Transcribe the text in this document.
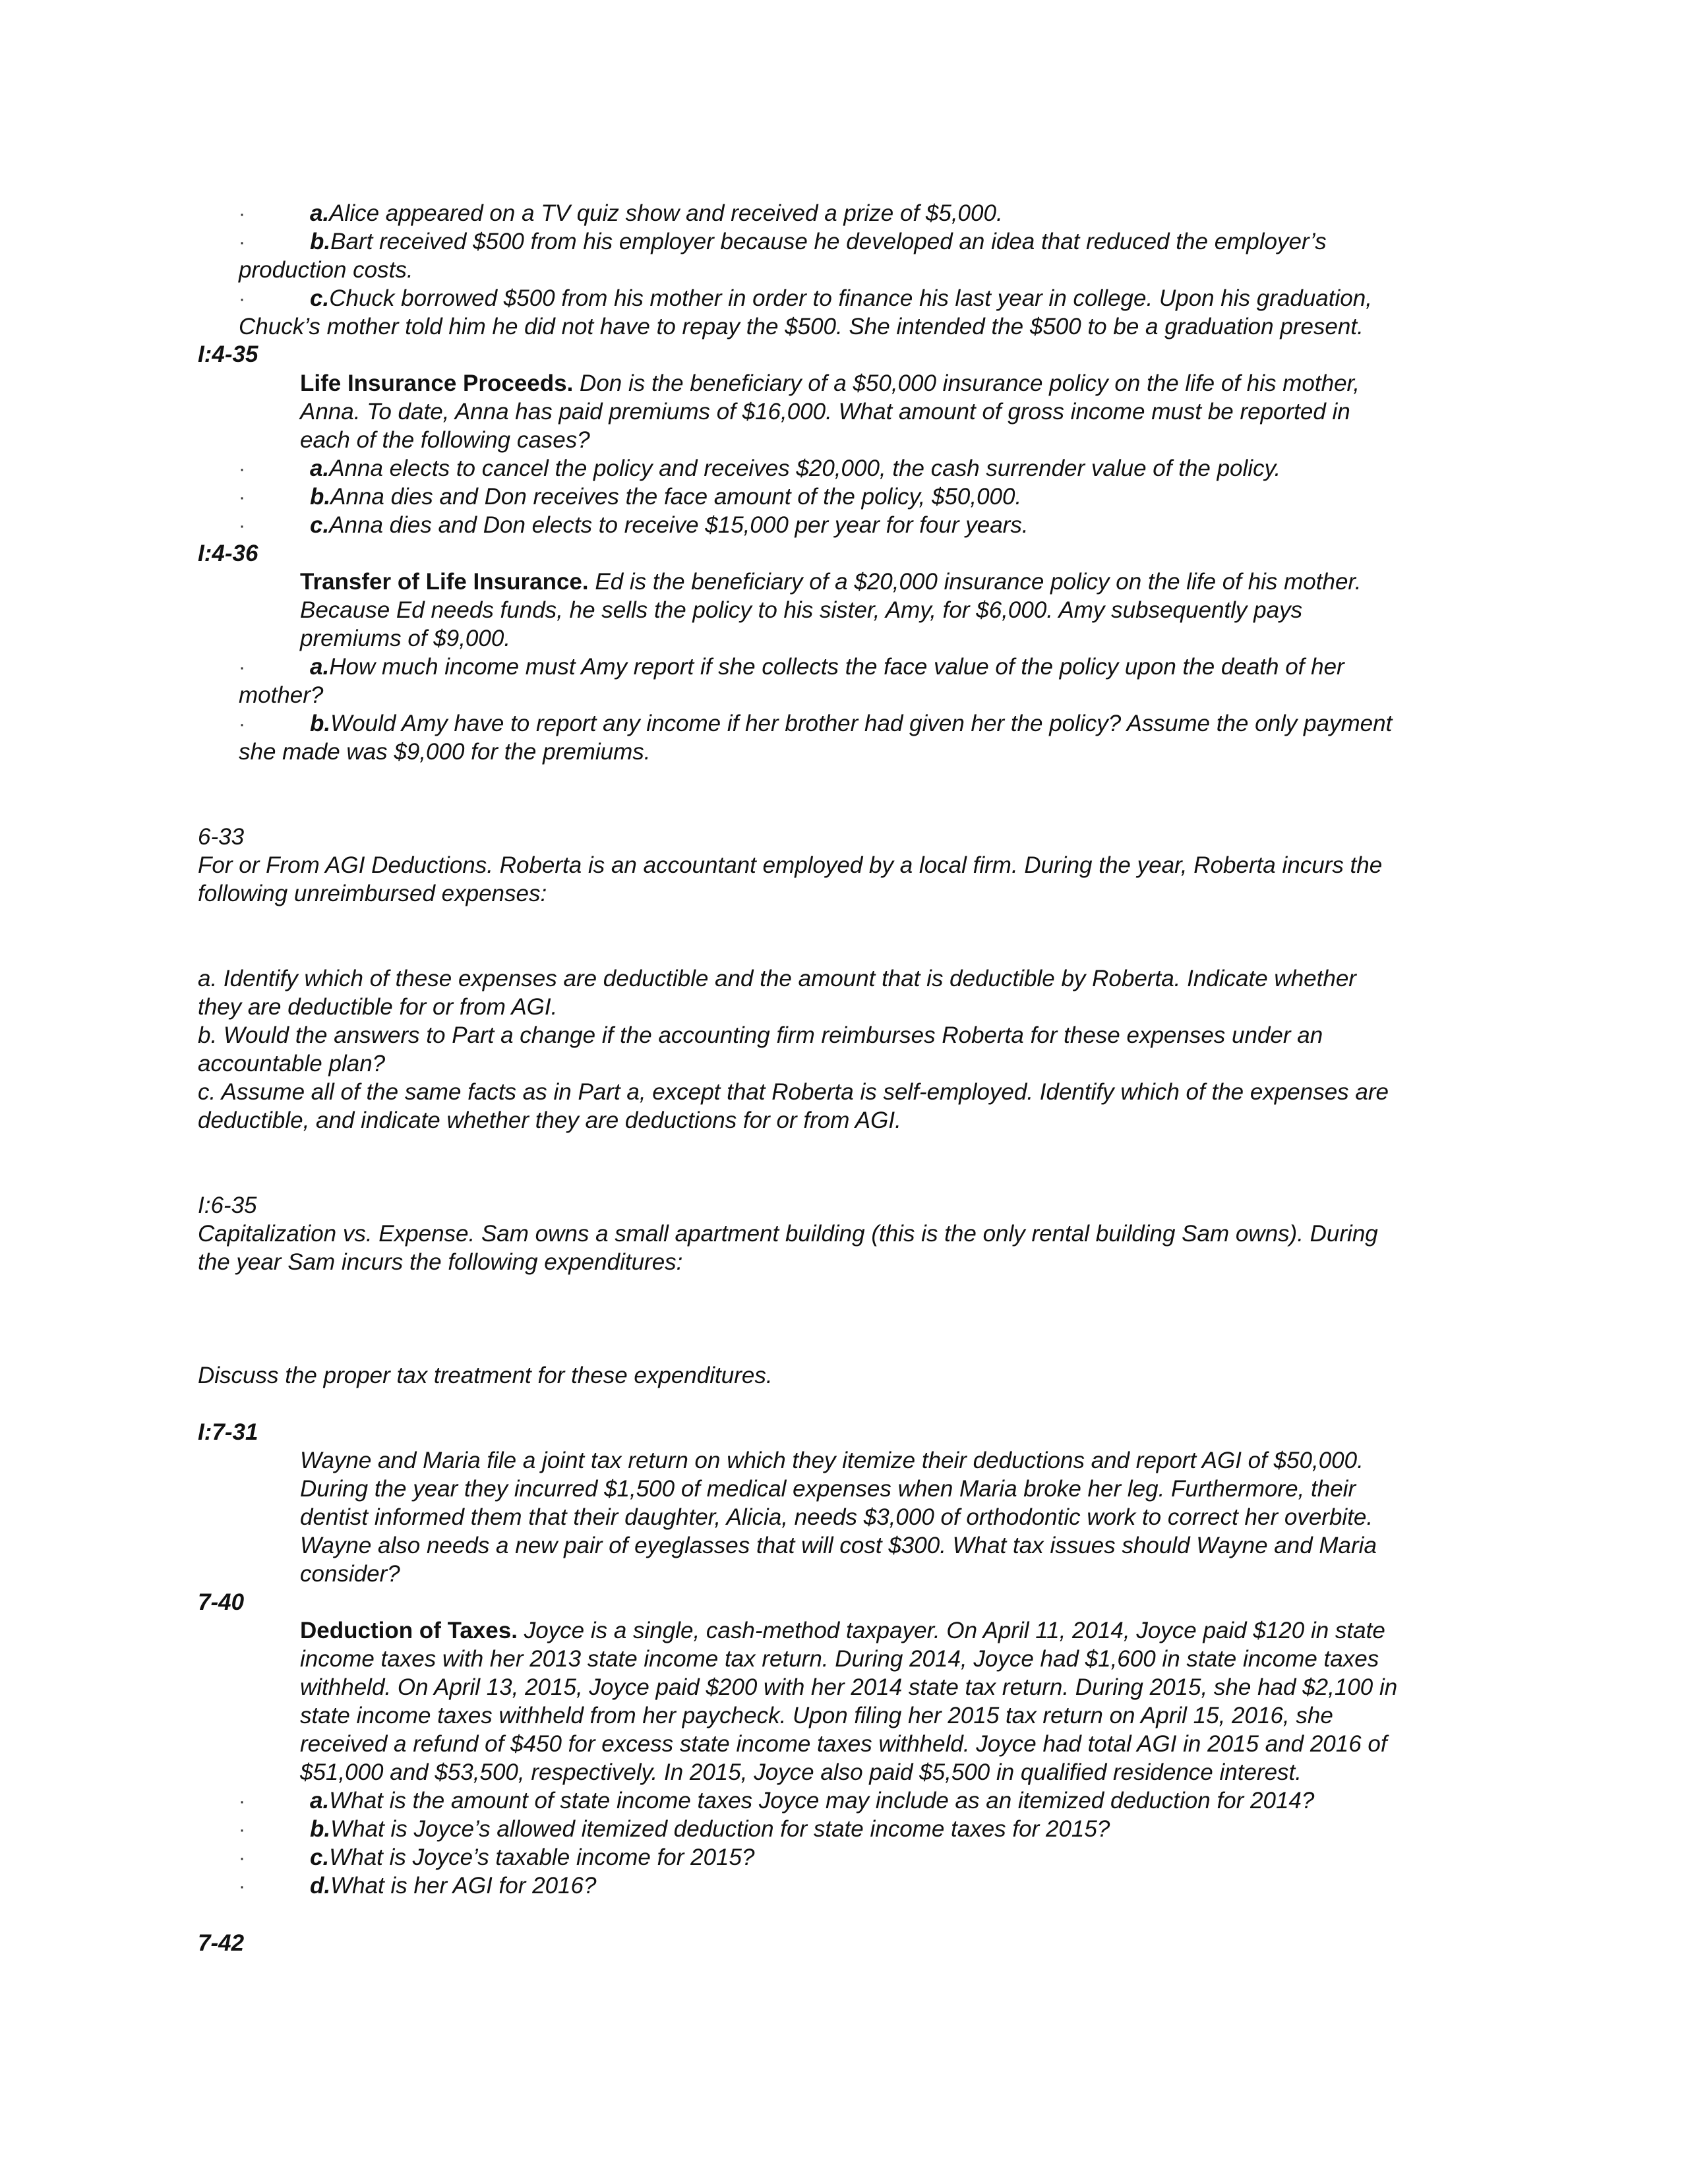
·	a.Alice appeared on a TV quiz show and received a prize of $5,000.
·	b.Bart received $500 from his employer because he developed an idea that reduced the employer’s
production costs.
·	c.Chuck borrowed $500 from his mother in order to finance his last year in college. Upon his graduation,
Chuck’s mother told him he did not have to repay the $500. She intended the $500 to be a graduation present.
I:4-35
Life Insurance Proceeds. Don is the beneficiary of a $50,000 insurance policy on the life of his mother,
Anna. To date, Anna has paid premiums of $16,000. What amount of gross income must be reported in
each of the following cases?
·	a.Anna elects to cancel the policy and receives $20,000, the cash surrender value of the policy.
·	b.Anna dies and Don receives the face amount of the policy, $50,000.
·	c.Anna dies and Don elects to receive $15,000 per year for four years.
I:4-36
Transfer of Life Insurance. Ed is the beneficiary of a $20,000 insurance policy on the life of his mother.
Because Ed needs funds, he sells the policy to his sister, Amy, for $6,000. Amy subsequently pays
premiums of $9,000.
·	a.How much income must Amy report if she collects the face value of the policy upon the death of her
mother?
·	b.Would Amy have to report any income if her brother had given her the policy? Assume the only payment
she made was $9,000 for the premiums.
6-33
For or From AGI Deductions. Roberta is an accountant employed by a local firm. During the year, Roberta incurs the
following unreimbursed expenses:
a. Identify which of these expenses are deductible and the amount that is deductible by Roberta. Indicate whether
they are deductible for or from AGI.
b. Would the answers to Part a change if the accounting firm reimburses Roberta for these expenses under an
accountable plan?
c. Assume all of the same facts as in Part a, except that Roberta is self-employed. Identify which of the expenses are
deductible, and indicate whether they are deductions for or from AGI.
I:6-35
Capitalization vs. Expense. Sam owns a small apartment building (this is the only rental building Sam owns). During
the year Sam incurs the following expenditures:
Discuss the proper tax treatment for these expenditures.
I:7-31
Wayne and Maria file a joint tax return on which they itemize their deductions and report AGI of $50,000.
During the year they incurred $1,500 of medical expenses when Maria broke her leg. Furthermore, their
dentist informed them that their daughter, Alicia, needs $3,000 of orthodontic work to correct her overbite.
Wayne also needs a new pair of eyeglasses that will cost $300. What tax issues should Wayne and Maria
consider?
7-40
Deduction of Taxes. Joyce is a single, cash-method taxpayer. On April 11, 2014, Joyce paid $120 in state
income taxes with her 2013 state income tax return. During 2014, Joyce had $1,600 in state income taxes
withheld. On April 13, 2015, Joyce paid $200 with her 2014 state tax return. During 2015, she had $2,100 in
state income taxes withheld from her paycheck. Upon filing her 2015 tax return on April 15, 2016, she
received a refund of $450 for excess state income taxes withheld. Joyce had total AGI in 2015 and 2016 of
$51,000 and $53,500, respectively. In 2015, Joyce also paid $5,500 in qualified residence interest.
·	a.What is the amount of state income taxes Joyce may include as an itemized deduction for 2014?
·	b.What is Joyce’s allowed itemized deduction for state income taxes for 2015?
·	c.What is Joyce’s taxable income for 2015?
·	d.What is her AGI for 2016?
7-42
